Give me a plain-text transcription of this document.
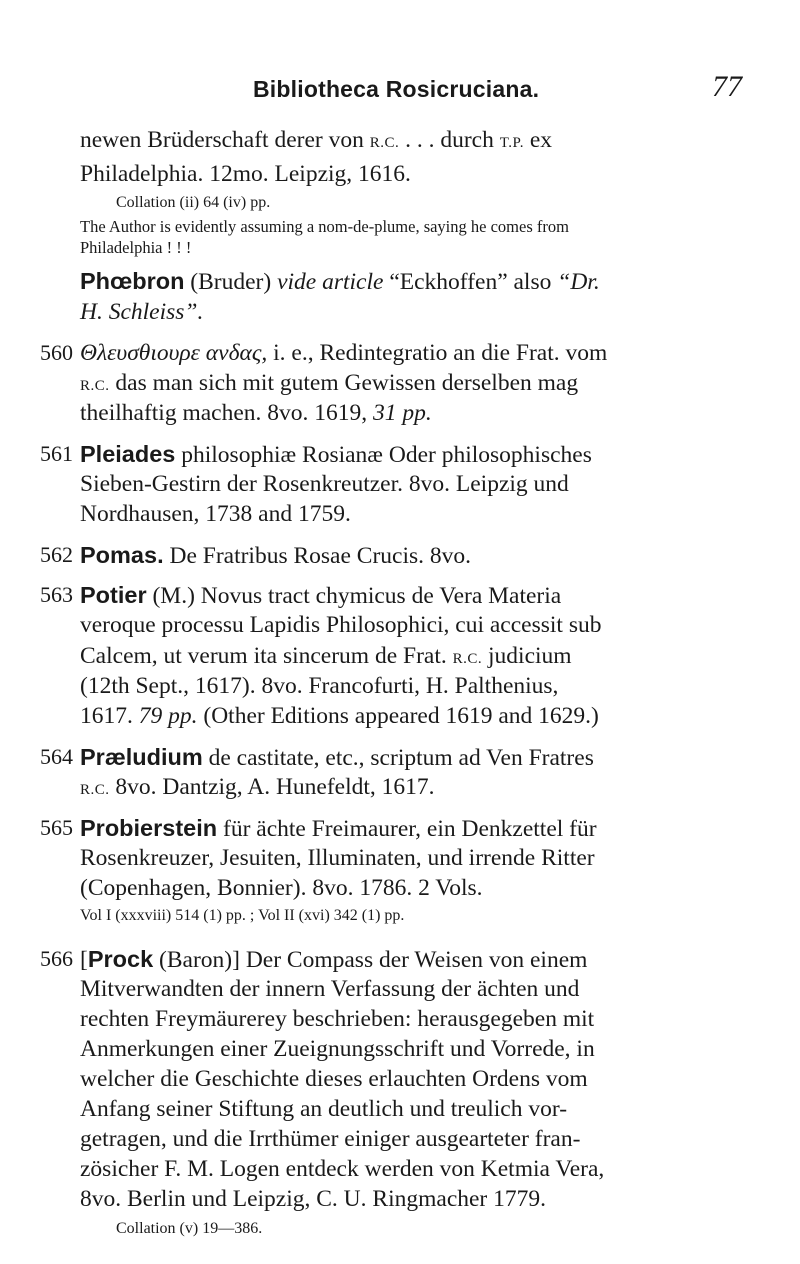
Bibliotheca Rosicruciana.	77
newen Brüderschaft derer von R.C. . . . durch T.P. ex
Philadelphia. 12mo. Leipzig, 1616.
Collation (ii) 64 (iv) pp.
The Author is evidently assuming a nom-de-plume, saying he comes from
Philadelphia ! ! !
Phœbron (Bruder) vide article “Eckhoffen” also “Dr.
H. Schleiss”.
560 Θλευσθιουρε ανδας, i. e., Redintegratio an die Frat. vom
R.C. das man sich mit gutem Gewissen derselben mag
theilhaftig machen. 8vo. 1619, 31 pp.
561 Pleiades philosophiæ Rosianæ Oder philosophisches
Sieben-Gestirn der Rosenkreutzer. 8vo. Leipzig und
Nordhausen, 1738 and 1759.
562 Pomas. De Fratribus Rosae Crucis. 8vo.
563 Potier (M.) Novus tract chymicus de Vera Materia
veroque processu Lapidis Philosophici, cui accessit sub
Calcem, ut verum ita sincerum de Frat. R.C. judicium
(12th Sept., 1617). 8vo. Francofurti, H. Palthenius,
1617. 79 pp. (Other Editions appeared 1619 and 1629.)
564 Præludium de castitate, etc., scriptum ad Ven Fratres
R.C. 8vo. Dantzig, A. Hunefeldt, 1617.
565 Probierstein für ächte Freimaurer, ein Denkzettel für
Rosenkreuzer, Jesuiten, Illuminaten, und irrende Ritter
(Copenhagen, Bonnier). 8vo. 1786. 2 Vols.
Vol I (xxxviii) 514 (1) pp. ; Vol II (xvi) 342 (1) pp.
566 [Prock (Baron)] Der Compass der Weisen von einem
Mitverwandten der innern Verfassung der ächten und
rechten Freymäurerey beschrieben: herausgegeben mit
Anmerkungen einer Zueignungsschrift und Vorrede, in
welcher die Geschichte dieses erlauchten Ordens vom
Anfang seiner Stiftung an deutlich und treulich vor-
getragen, und die Irrthümer einiger ausgearteter fran-
zösicher F. M. Logen entdeck werden von Ketmia Vera,
8vo. Berlin und Leipzig, C. U. Ringmacher 1779.
Collation (v) 19—386.
